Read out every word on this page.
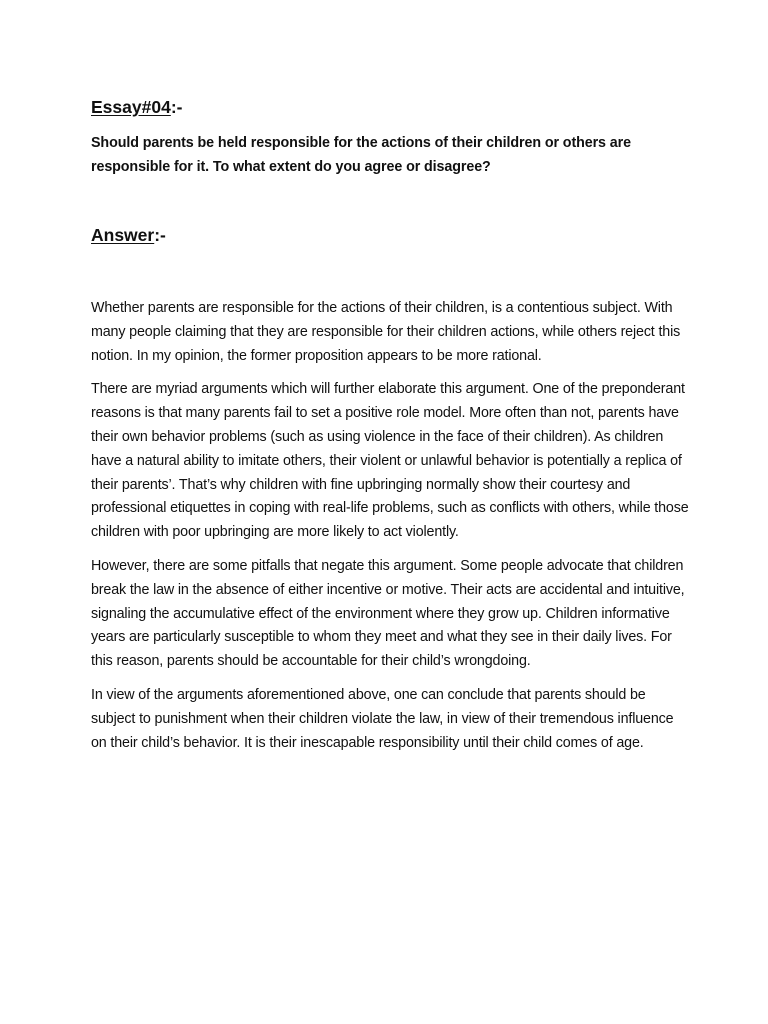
Essay#04:-

Should parents be held responsible for the actions of their children or others are responsible for it. To what extent do you agree or disagree?

Answer:-

Whether parents are responsible for the actions of their children, is a contentious subject. With many people claiming that they are responsible for their children actions, while others reject this notion. In my opinion, the former proposition appears to be more rational.

There are myriad arguments which will further elaborate this argument. One of the preponderant reasons is that many parents fail to set a positive role model. More often than not, parents have their own behavior problems (such as using violence in the face of their children). As children have a natural ability to imitate others, their violent or unlawful behavior is potentially a replica of their parents’. That’s why children with fine upbringing normally show their courtesy and professional etiquettes in coping with real-life problems, such as conflicts with others, while those children with poor upbringing are more likely to act violently.

However, there are some pitfalls that negate this argument. Some people advocate that children break the law in the absence of either incentive or motive. Their acts are accidental and intuitive, signaling the accumulative effect of the environment where they grow up. Children informative years are particularly susceptible to whom they meet and what they see in their daily lives. For this reason, parents should be accountable for their child’s wrongdoing.

In view of the arguments aforementioned above, one can conclude that parents should be subject to punishment when their children violate the law, in view of their tremendous influence on their child’s behavior. It is their inescapable responsibility until their child comes of age.
